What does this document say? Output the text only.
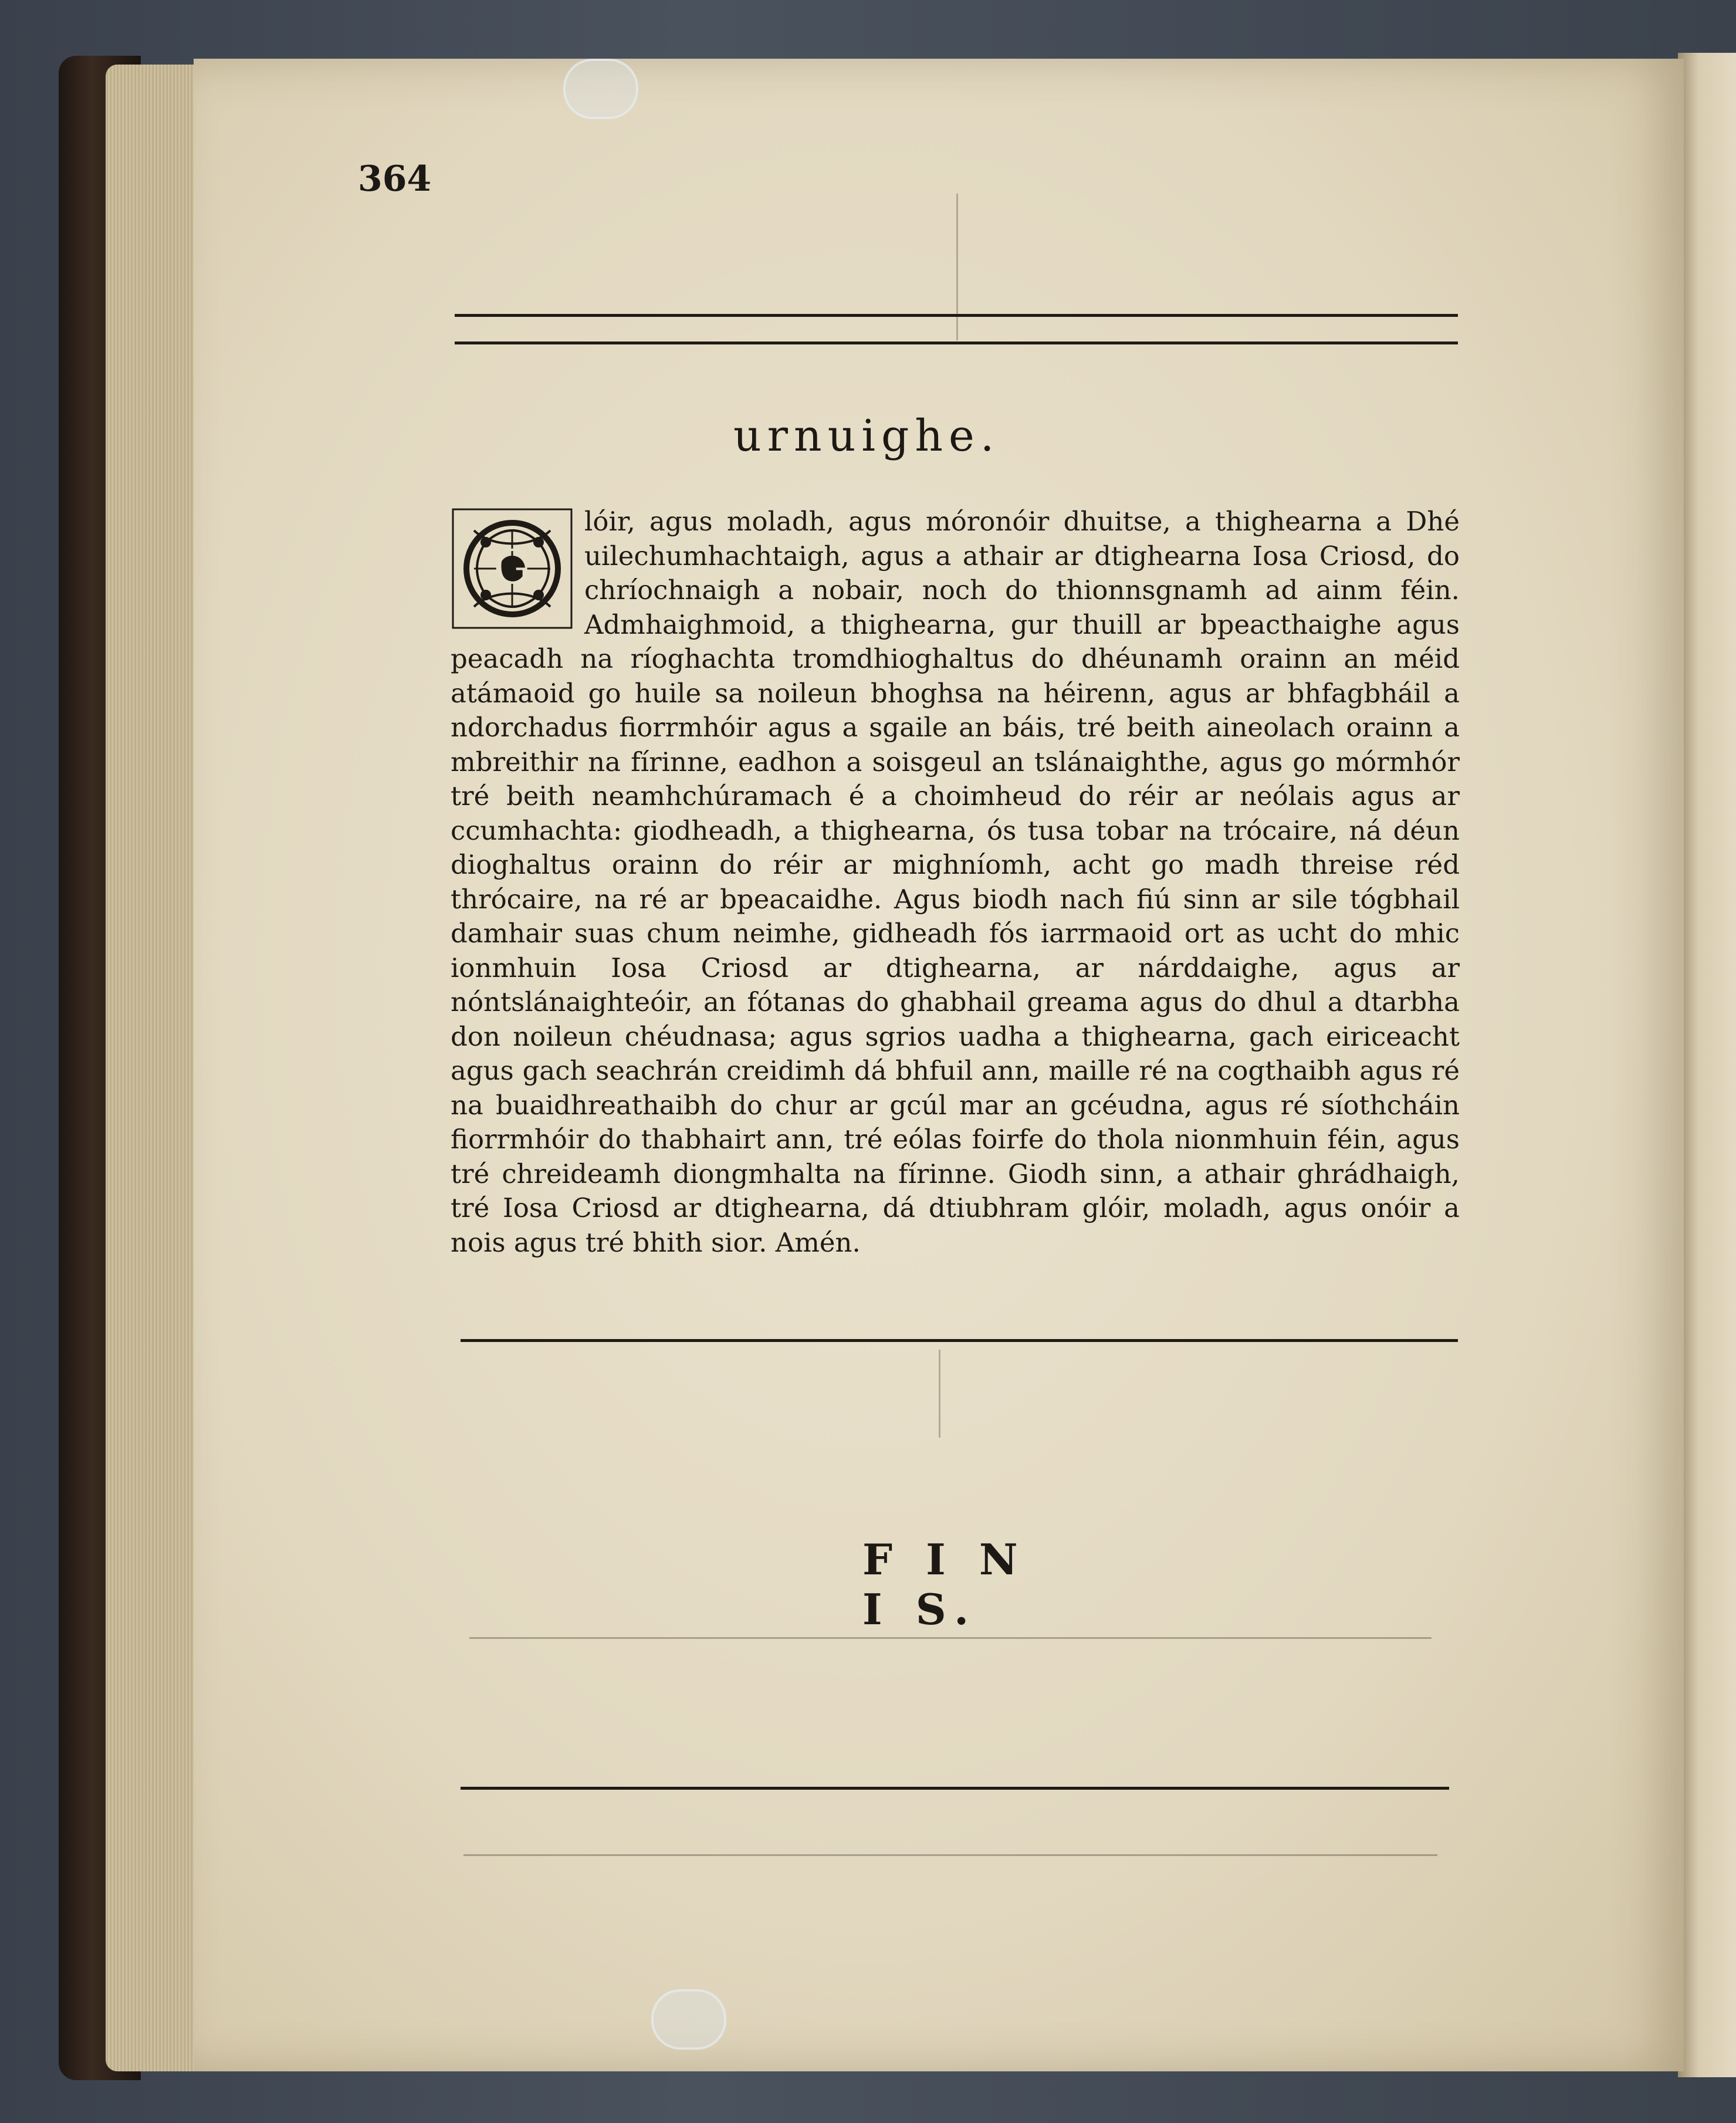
364
urnuighe.
G
lóir, agus moladh, agus móronóir dhuitse, a thighearna a Dhé uilechumhachtaigh, agus a athair ar dtighearna Iosa Criosd, do chríochnaigh a nobair, noch do thionnsgnamh ad ainm féin. Admhaighmoid, a thighearna, gur thuill ar bpeacthaighe agus peacadh na ríoghachta tromdhioghaltus do dhéunamh orainn an méid atámaoid go huile sa noileun bhoghsa na héirenn, agus ar bhfagbháil a ndorchadus fiorrmhóir agus a sgaile an báis, tré beith aineolach orainn a mbreithir na fírinne, eadhon a soisgeul an tslánaighthe, agus go mórmhór tré beith neamhchúramach é a choimheud do réir ar neólais agus ar ccumhachta: giodheadh, a thighearna, ós tusa tobar na trócaire, ná déun dioghaltus orainn do réir ar mighníomh, acht go madh threise réd thrócaire, na ré ar bpeacaidhe. Agus biodh nach fiú sinn ar sile tógbhail damhair suas chum neimhe, gidheadh fós iarrmaoid ort as ucht do mhic ionmhuin Iosa Criosd ar dtighearna, ar nárddaighe, agus ar nóntslánaighteóir, an fótanas do ghabhail greama agus do dhul a dtarbha don noileun chéudnasa; agus sgrios uadha a thighearna, gach eiriceacht agus gach seachrán creidimh dá bhfuil ann, maille ré na cogthaibh agus ré na buaidhreathaibh do chur ar gcúl mar an gcéudna, agus ré síothcháin fiorrmhóir do thabhairt ann, tré eólas foirfe do thola nionmhuin féin, agus tré chreideamh diongmhalta na fírinne. Giodh sinn, a athair ghrádhaigh, tré Iosa Criosd ar dtighearna, dá dtiubhram glóir, moladh, agus onóir a nois agus tré bhith sior. Amén.
F I N I S.
